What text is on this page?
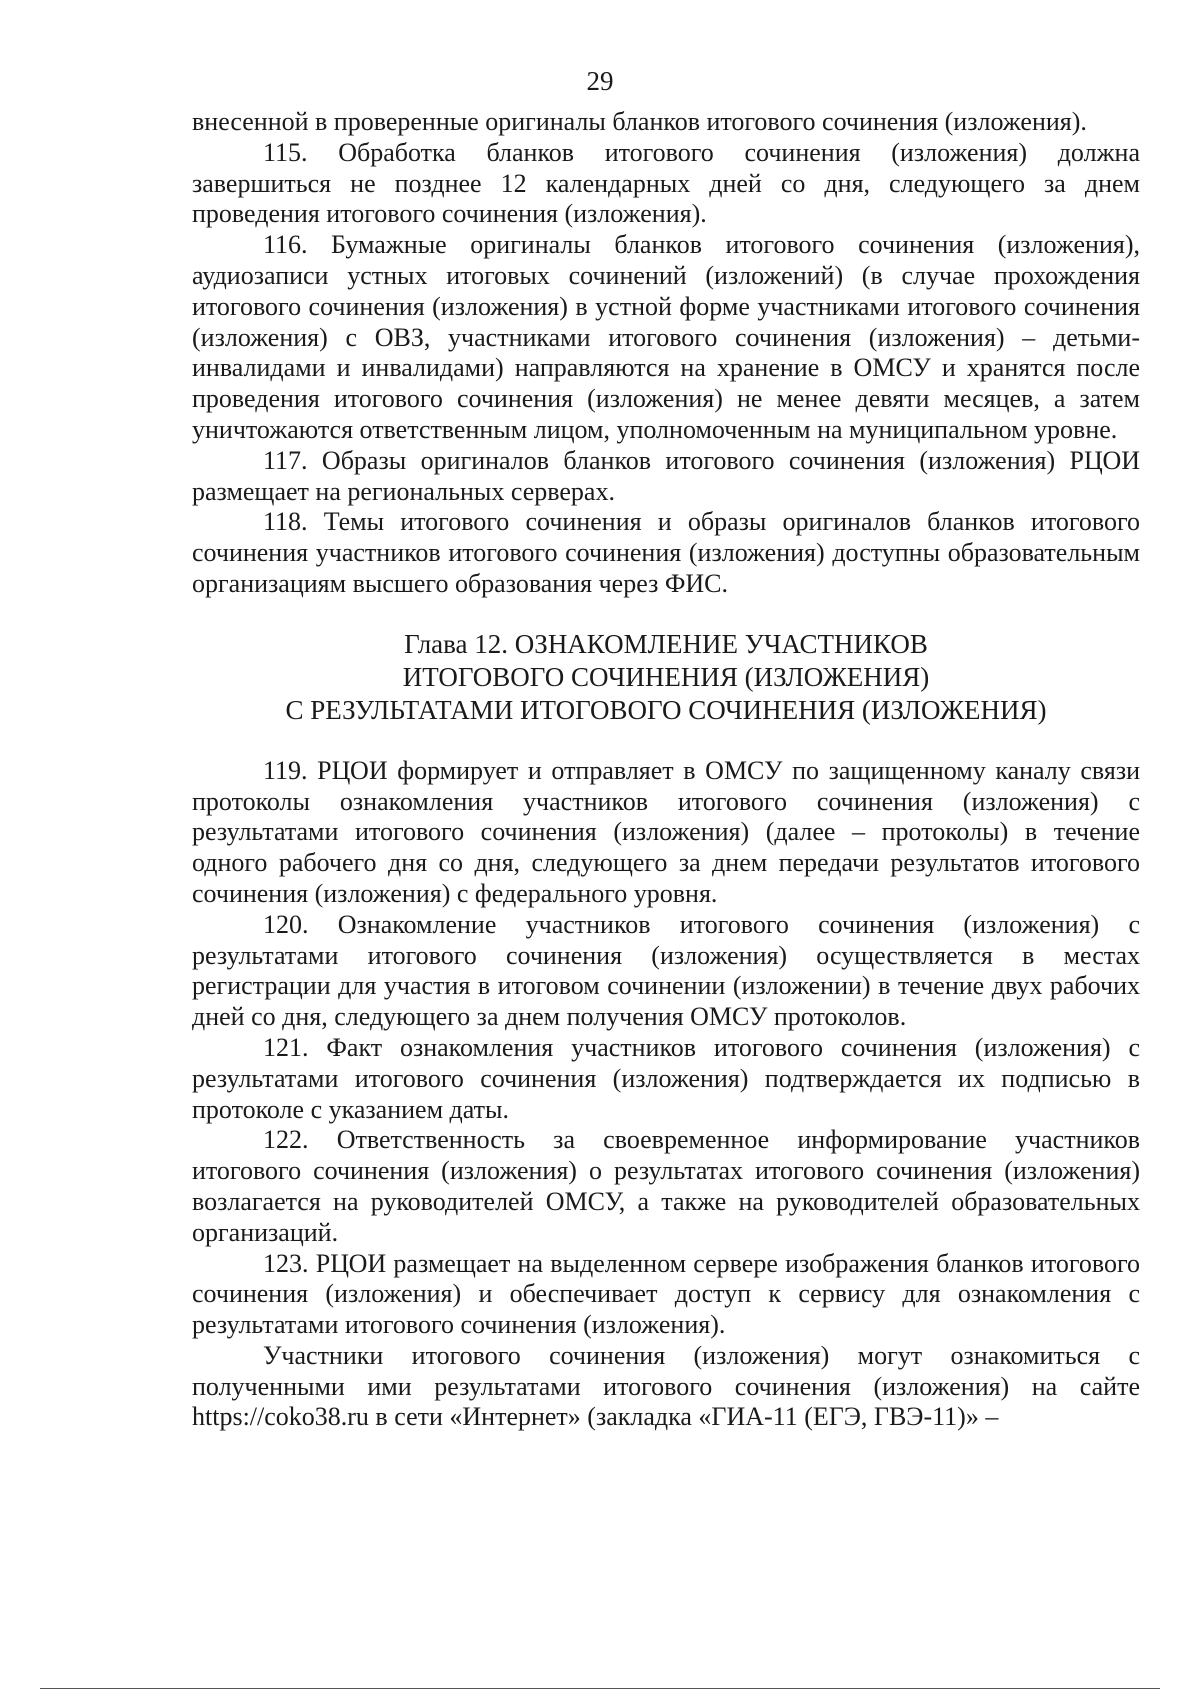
29

внесенной в проверенные оригиналы бланков итогового сочинения (изложения).

115. Обработка бланков итогового сочинения (изложения) должна завершиться не позднее 12 календарных дней со дня, следующего за днем проведения итогового сочинения (изложения).

116. Бумажные оригиналы бланков итогового сочинения (изложения), аудиозаписи устных итоговых сочинений (изложений) (в случае прохождения итогового сочинения (изложения) в устной форме участниками итогового сочинения (изложения) с ОВЗ, участниками итогового сочинения (изложения) – детьми-инвалидами и инвалидами) направляются на хранение в ОМСУ и хранятся после проведения итогового сочинения (изложения) не менее девяти месяцев, а затем уничтожаются ответственным лицом, уполномоченным на муниципальном уровне.

117. Образы оригиналов бланков итогового сочинения (изложения) РЦОИ размещает на региональных серверах.

118. Темы итогового сочинения и образы оригиналов бланков итогового сочинения участников итогового сочинения (изложения) доступны образовательным организациям высшего образования через ФИС.

Глава 12. ОЗНАКОМЛЕНИЕ УЧАСТНИКОВ
ИТОГОВОГО СОЧИНЕНИЯ (ИЗЛОЖЕНИЯ)
С РЕЗУЛЬТАТАМИ ИТОГОВОГО СОЧИНЕНИЯ (ИЗЛОЖЕНИЯ)

119. РЦОИ формирует и отправляет в ОМСУ по защищенному каналу связи протоколы ознакомления участников итогового сочинения (изложения) с результатами итогового сочинения (изложения) (далее – протоколы) в течение одного рабочего дня со дня, следующего за днем передачи результатов итогового сочинения (изложения) с федерального уровня.

120. Ознакомление участников итогового сочинения (изложения) с результатами итогового сочинения (изложения) осуществляется в местах регистрации для участия в итоговом сочинении (изложении) в течение двух рабочих дней со дня, следующего за днем получения ОМСУ протоколов.

121. Факт ознакомления участников итогового сочинения (изложения) с результатами итогового сочинения (изложения) подтверждается их подписью в протоколе с указанием даты.

122. Ответственность за своевременное информирование участников итогового сочинения (изложения) о результатах итогового сочинения (изложения) возлагается на руководителей ОМСУ, а также на руководителей образовательных организаций.

123. РЦОИ размещает на выделенном сервере изображения бланков итогового сочинения (изложения) и обеспечивает доступ к сервису для ознакомления с результатами итогового сочинения (изложения).

Участники итогового сочинения (изложения) могут ознакомиться с полученными ими результатами итогового сочинения (изложения) на сайте https://coko38.ru в сети «Интернет» (закладка «ГИА-11 (ЕГЭ, ГВЭ-11)» –
